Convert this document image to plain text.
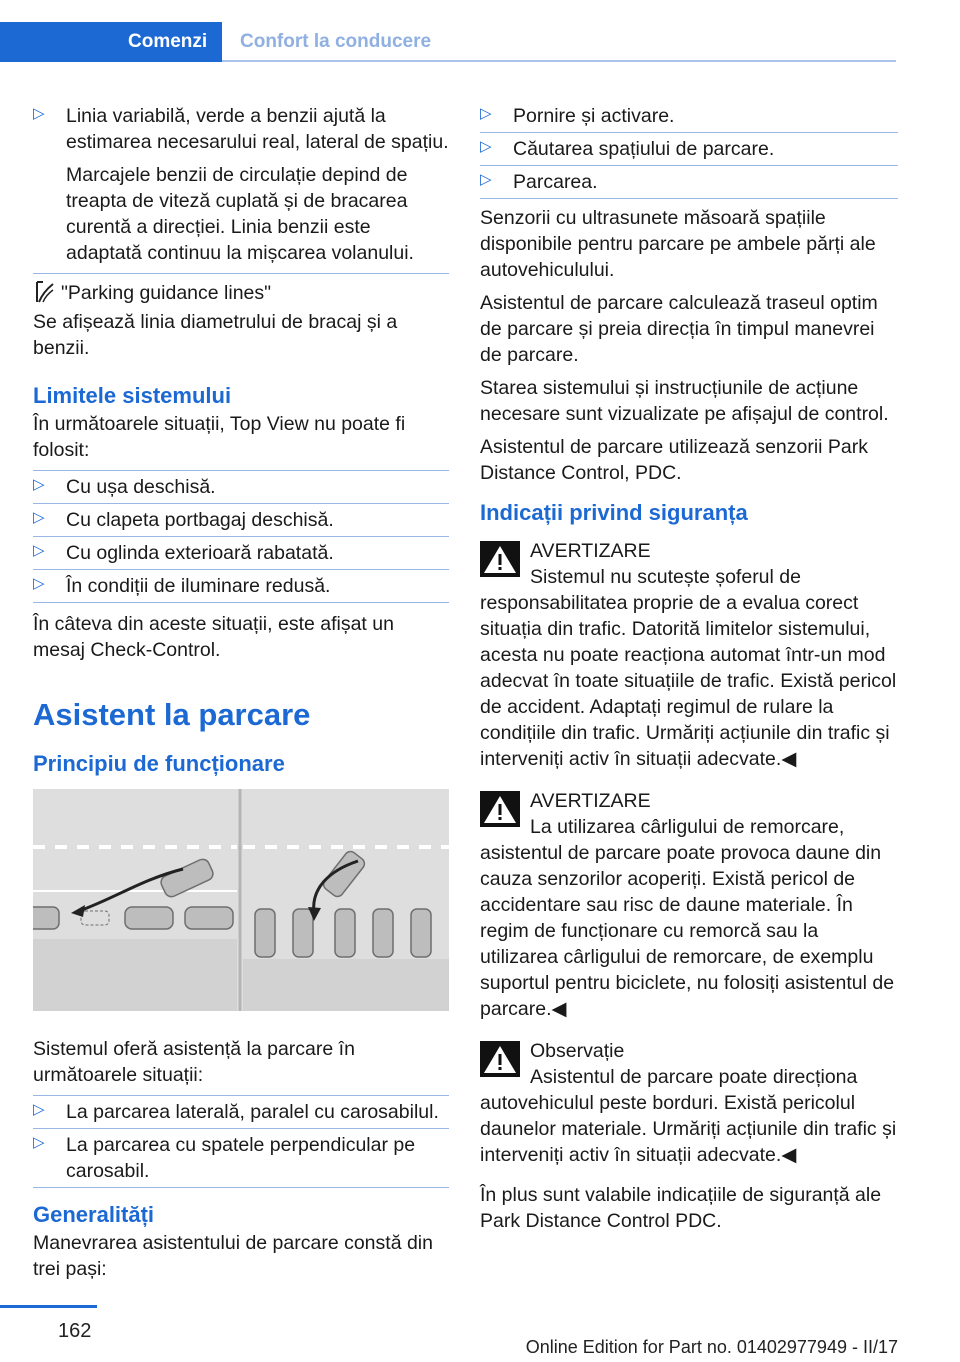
Comenzi	Confort la conducere
▷ Linia variabilă, verde a benzii ajută la estimarea necesarului real, lateral de spațiu.
Marcajele benzii de circulație depind de treapta de viteză cuplată și de bracarea curentă a direcției. Linia benzii este adaptată continuu la mișcarea volanului.
"Parking guidance lines"

Se afișează linia diametrului de bracaj și a benzii.

Limitele sistemului

În următoarele situații, Top View nu poate fi folosit:

▷ Cu ușa deschisă.
▷ Cu clapeta portbagaj deschisă.
▷ Cu oglinda exterioară rabatată.
▷ În condiții de iluminare redusă.

În câteva din aceste situații, este afișat un mesaj Check-Control.

Asistent la parcare
Principiu de funcționare

Sistemul oferă asistență la parcare în următoarele situații:

▷ La parcarea laterală, paralel cu carosabilul.
▷ La parcarea cu spatele perpendicular pe carosabil.
Generalități

Manevrarea asistentului de parcare constă din trei pași:

▷ Pornire și activare.
▷ Căutarea spațiului de parcare.
▷ Parcarea.

Senzorii cu ultrasunete măsoară spațiile disponibile pentru parcare pe ambele părți ale autovehiculului.

Asistentul de parcare calculează traseul optim de parcare și preia direcția în timpul manevrei de parcare.

Starea sistemului și instrucțiunile de acțiune necesare sunt vizualizate pe afișajul de control.

Asistentul de parcare utilizează senzorii Park Distance Control, PDC.

Indicații privind siguranța
AVERTIZARE
Sistemul nu scutește șoferul de responsabilitatea proprie de a evalua corect situația din trafic. Datorită limitelor sistemului, acesta nu poate reacționa automat într-un mod adecvat în toate situațiile de trafic. Există pericol de accident. Adaptați regimul de rulare la condițiile din trafic. Urmăriți acțiunile din trafic și interveniți activ în situații adecvate.◀
AVERTIZARE
La utilizarea cârligului de remorcare, asistentul de parcare poate provoca daune din cauza senzorilor acoperiți. Există pericol de accidentare sau risc de daune materiale. În regim de funcționare cu remorcă sau la utilizarea cârligului de remorcare, de exemplu suportul pentru biciclete, nu folosiți asistentul de parcare.◀
Observație
Asistentul de parcare poate direcționa autovehiculul peste borduri. Există pericolul daunelor materiale. Urmăriți acțiunile din trafic și interveniți activ în situații adecvate.◀

În plus sunt valabile indicațiile de siguranță ale Park Distance Control PDC.

162
Online Edition for Part no. 01402977949 - II/17
